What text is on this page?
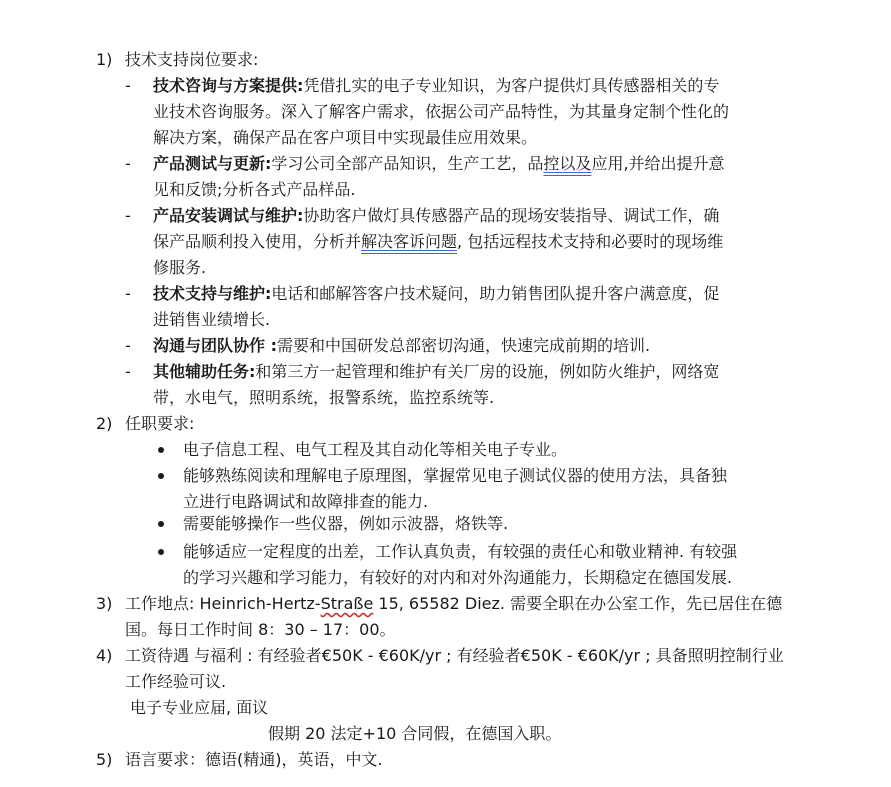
1) 技术支持岗位要求:
- 技术咨询与方案提供:凭借扎实的电子专业知识，为客户提供灯具传感器相关的专
业技术咨询服务。深入了解客户需求，依据公司产品特性，为其量身定制个性化的
解决方案，确保产品在客户项目中实现最佳应用效果。
- 产品测试与更新:学习公司全部产品知识，生产工艺，品控以及应用,并给出提升意
见和反馈;分析各式产品样品.
- 产品安装调试与维护:协助客户做灯具传感器产品的现场安装指导、调试工作，确
保产品顺利投入使用，分析并解决客诉问题, 包括远程技术支持和必要时的现场维
修服务.
- 技术支持与维护:电话和邮解答客户技术疑问，助力销售团队提升客户满意度，促
进销售业绩增长.
- 沟通与团队协作 :需要和中国研发总部密切沟通，快速完成前期的培训.
- 其他辅助任务:和第三方一起管理和维护有关厂房的设施，例如防火维护，网络宽
带，水电气，照明系统，报警系统，监控系统等.
2) 任职要求:
电子信息工程、电气工程及其自动化等相关电子专业。
能够熟练阅读和理解电子原理图，掌握常见电子测试仪器的使用方法，具备独
立进行电路调试和故障排查的能力.
需要能够操作一些仪器，例如示波器，烙铁等.
能够适应一定程度的出差，工作认真负责，有较强的责任心和敬业精神. 有较强
的学习兴趣和学习能力，有较好的对内和对外沟通能力，长期稳定在德国发展.
3) 工作地点: Heinrich-Hertz-Straße 15, 65582 Diez. 需要全职在办公室工作，先已居住在德
国。每日工作时间 8：30 – 17：00。
4) 工资待遇 与福利 : 有经验者€50K - €60K/yr ; 有经验者€50K - €60K/yr ; 具备照明控制行业
工作经验可议.
电子专业应届, 面议
假期 20 法定+10 合同假，在德国入职。
5) 语言要求：德语(精通)，英语，中文.
